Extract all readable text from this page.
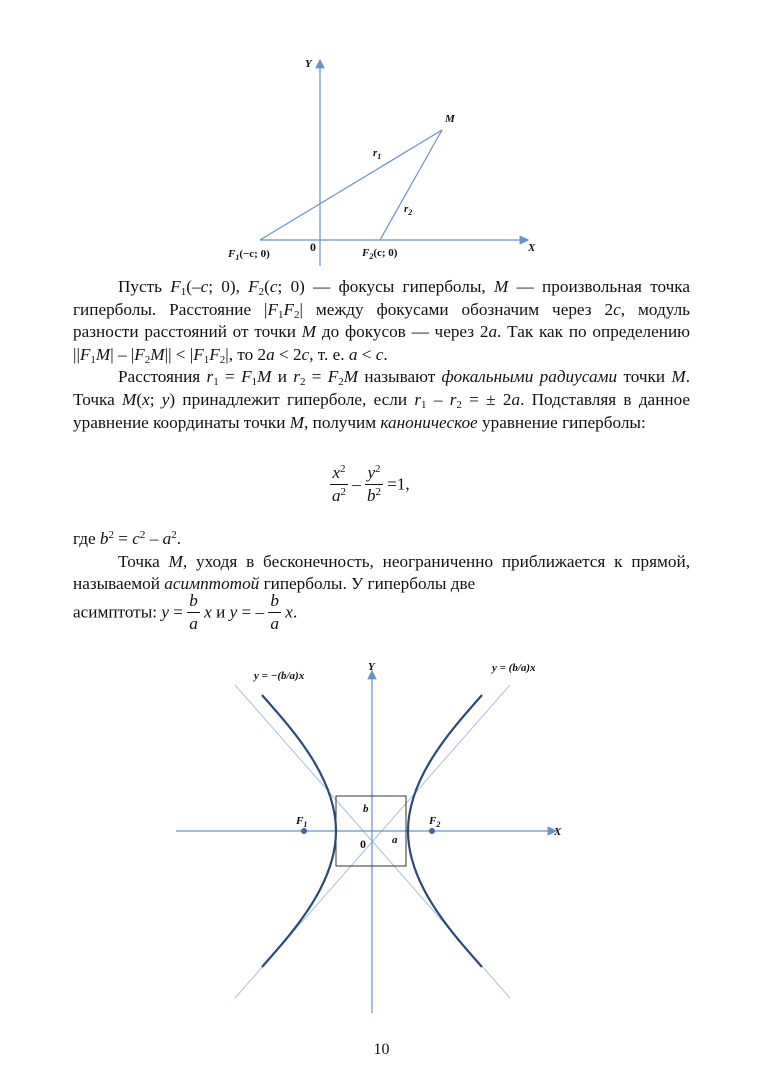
Y
X
0
M
$r_1$
$r_2$
$F_1(-c$; 0)	$F_2(c$; 0)

Пусть $F_1(-c$; 0), $F_2(c$; 0) — фокусы гиперболы, M — произвольная точка гиперболы. Расстояние $|F_1F_2|$ между фокусами обозначим через 2c, модуль разности расстояний от точки M до фокусов — через 2a. Так как по определению $||F_1M| - |F_2M|| < |F_1F_2|$, то 2a < 2c, т. е. a < c.

Расстояния $r_1 = F_1M$ и $r_2 = F_2M$ называют фокальными радиусами точки M. Точка M(x; y) принадлежит гиперболе, если $r_1 - r_2$ = ± 2a. Подставляя в данное уравнение координаты точки M, получим каноническое уравнение гиперболы:

$\frac{x^2}{a^2} - \frac{y^2}{b^2} =1$,

где $b^2 = c^2 - a^2$.

Точка M, уходя в бесконечность, неограниченно приближается к прямой, называемой асимптотой гиперболы. У гиперболы две

асимптоты: $y = \frac{b}{a}$ x и y = – $\frac{b}{a} x$.
Y
X
0 a
b
$F_1$	$F_2$
y = −(b/a)x
y = (b/a)x
10
